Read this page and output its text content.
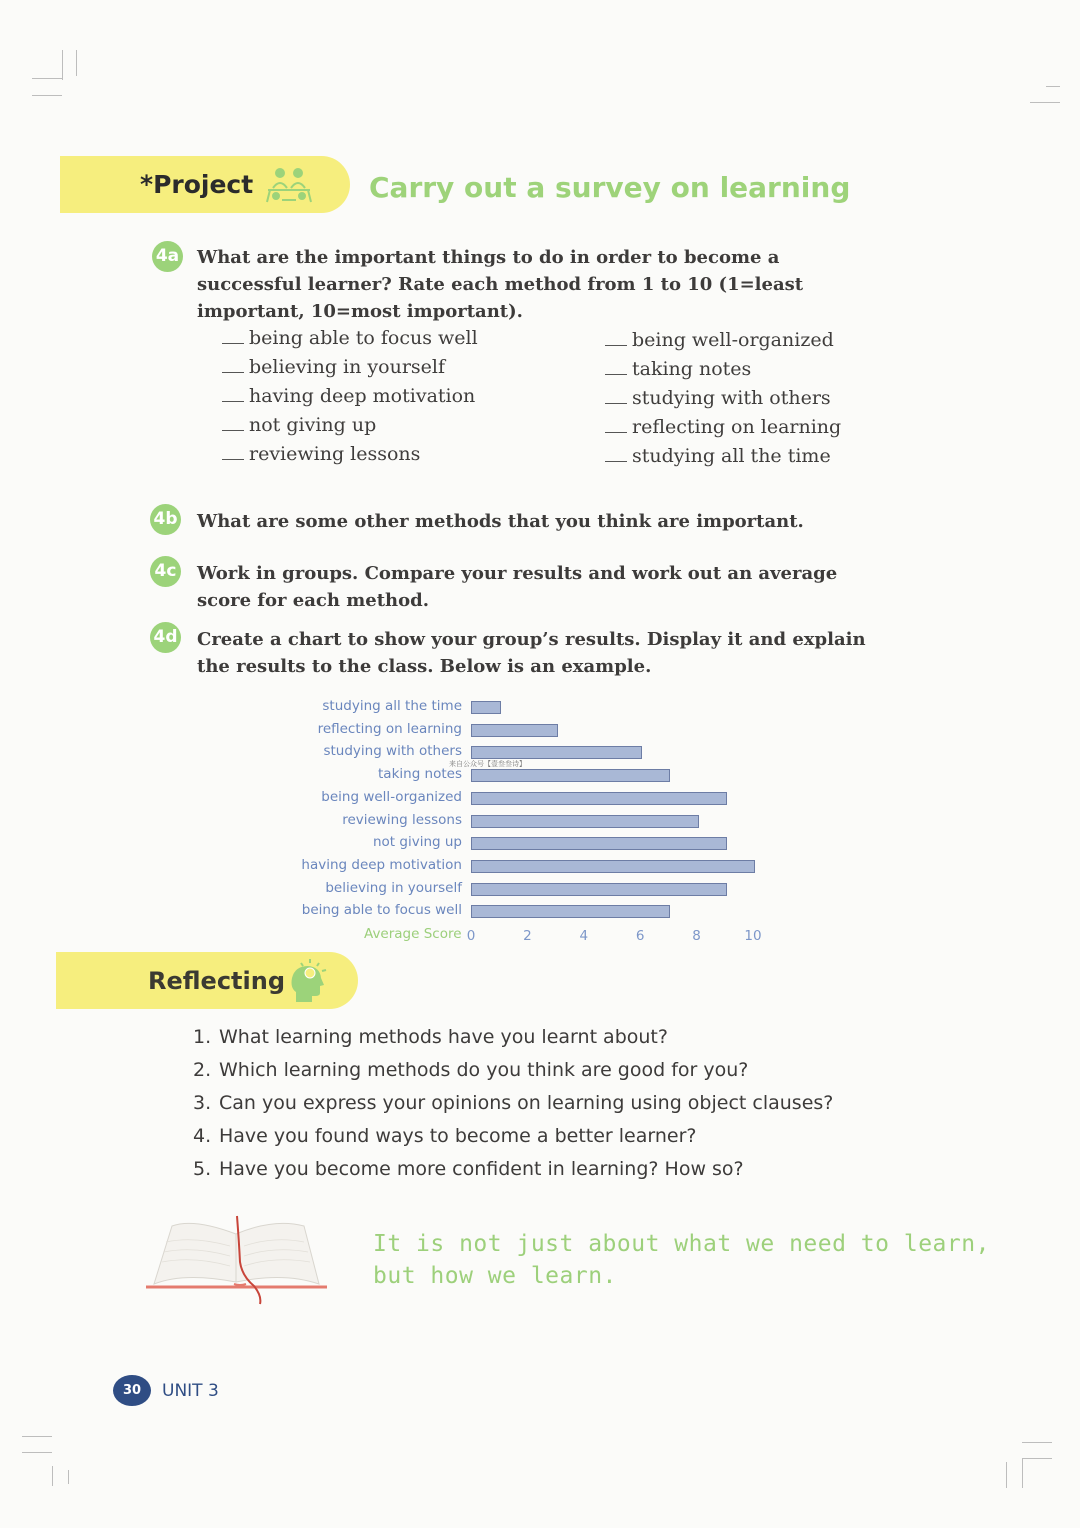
*Project	Carry out a survey on learning
4a What are the important things to do in order to become a successful learner? Rate each method from 1 to 10 (1=least important, 10=most important).
being able to focus well
believing in yourself
having deep motivation
not giving up
reviewing lessons
being well-organized
taking notes
studying with others
reflecting on learning
studying all the time
4b What are some other methods that you think are important.
4c Work in groups. Compare your results and work out an average score for each method.
4d Create a chart to show your group’s results. Display it and explain the results to the class. Below is an example.
studying all the time
reflecting on learning
studying with others
taking notes
being well-organized
reviewing lessons
not giving up
having deep motivation
believing in yourself
being able to focus well
0	2	4	6	8	10
Average Score
来自公众号【壹叁叁诗】
Reflecting
1. What learning methods have you learnt about?
2. Which learning methods do you think are good for you?
3. Can you express your opinions on learning using object clauses?
4. Have you found ways to become a better learner?
5. Have you become more confident in learning? How so?
It is not just about what we need to learn,
but how we learn.
30	UNIT 3
